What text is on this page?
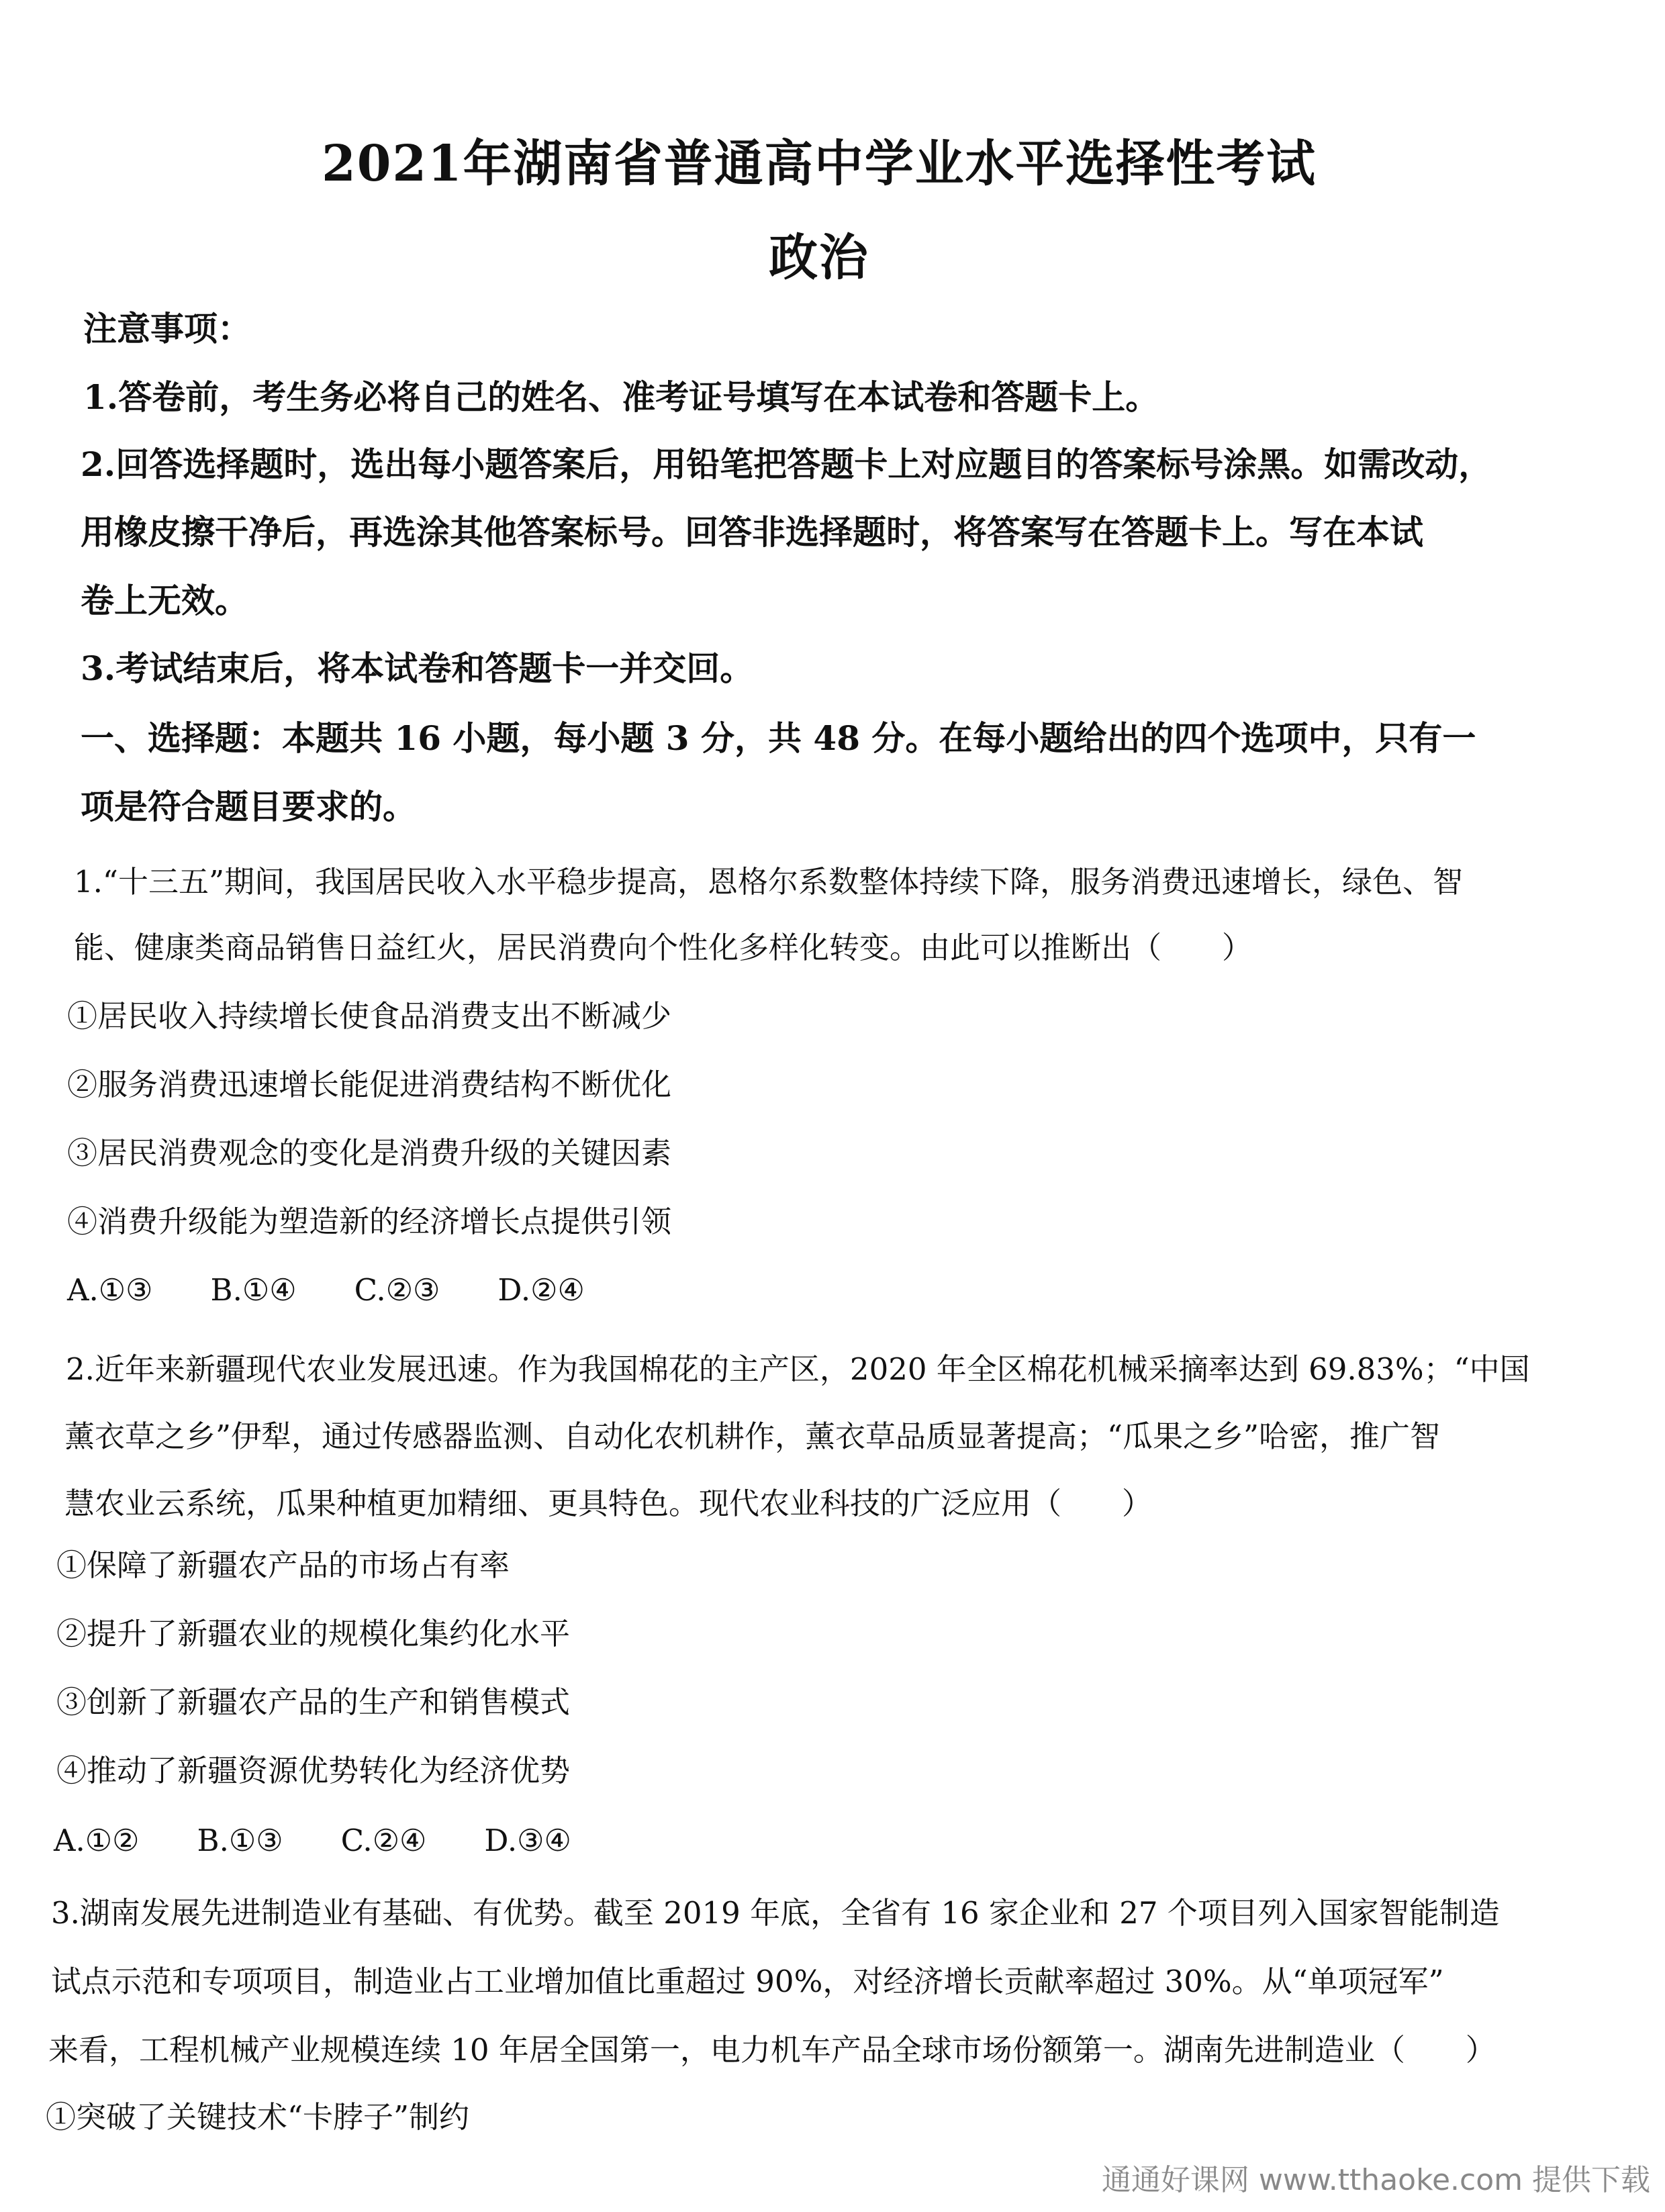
2021年湖南省普通高中学业水平选择性考试
政治
注意事项：
1.答卷前，考生务必将自己的姓名、准考证号填写在本试卷和答题卡上。
2.回答选择题时，选出每小题答案后，用铅笔把答题卡上对应题目的答案标号涂黑。如需改动，
用橡皮擦干净后，再选涂其他答案标号。回答非选择题时，将答案写在答题卡上。写在本试
卷上无效。
3.考试结束后，将本试卷和答题卡一并交回。
一、选择题：本题共 16 小题，每小题 3 分，共 48 分。在每小题给出的四个选项中，只有一
项是符合题目要求的。
1.“十三五”期间，我国居民收入水平稳步提高，恩格尔系数整体持续下降，服务消费迅速增长，绿色、智
能、健康类商品销售日益红火，居民消费向个性化多样化转变。由此可以推断出（　　）
①居民收入持续增长使食品消费支出不断减少
②服务消费迅速增长能促进消费结构不断优化
③居民消费观念的变化是消费升级的关键因素
④消费升级能为塑造新的经济增长点提供引领
A.①③ B.①④ C.②③ D.②④
2.近年来新疆现代农业发展迅速。作为我国棉花的主产区，2020 年全区棉花机械采摘率达到 69.83%；“中国
薰衣草之乡”伊犁，通过传感器监测、自动化农机耕作，薰衣草品质显著提高；“瓜果之乡”哈密，推广智
慧农业云系统，瓜果种植更加精细、更具特色。现代农业科技的广泛应用（　　）
①保障了新疆农产品的市场占有率
②提升了新疆农业的规模化集约化水平
③创新了新疆农产品的生产和销售模式
④推动了新疆资源优势转化为经济优势
A.①② B.①③ C.②④ D.③④
3.湖南发展先进制造业有基础、有优势。截至 2019 年底，全省有 16 家企业和 27 个项目列入国家智能制造
试点示范和专项项目，制造业占工业增加值比重超过 90%，对经济增长贡献率超过 30%。从“单项冠军”
来看，工程机械产业规模连续 10 年居全国第一，电力机车产品全球市场份额第一。湖南先进制造业（　　）
①突破了关键技术“卡脖子”制约
通通好课网 www.tthaoke.com 提供下载
